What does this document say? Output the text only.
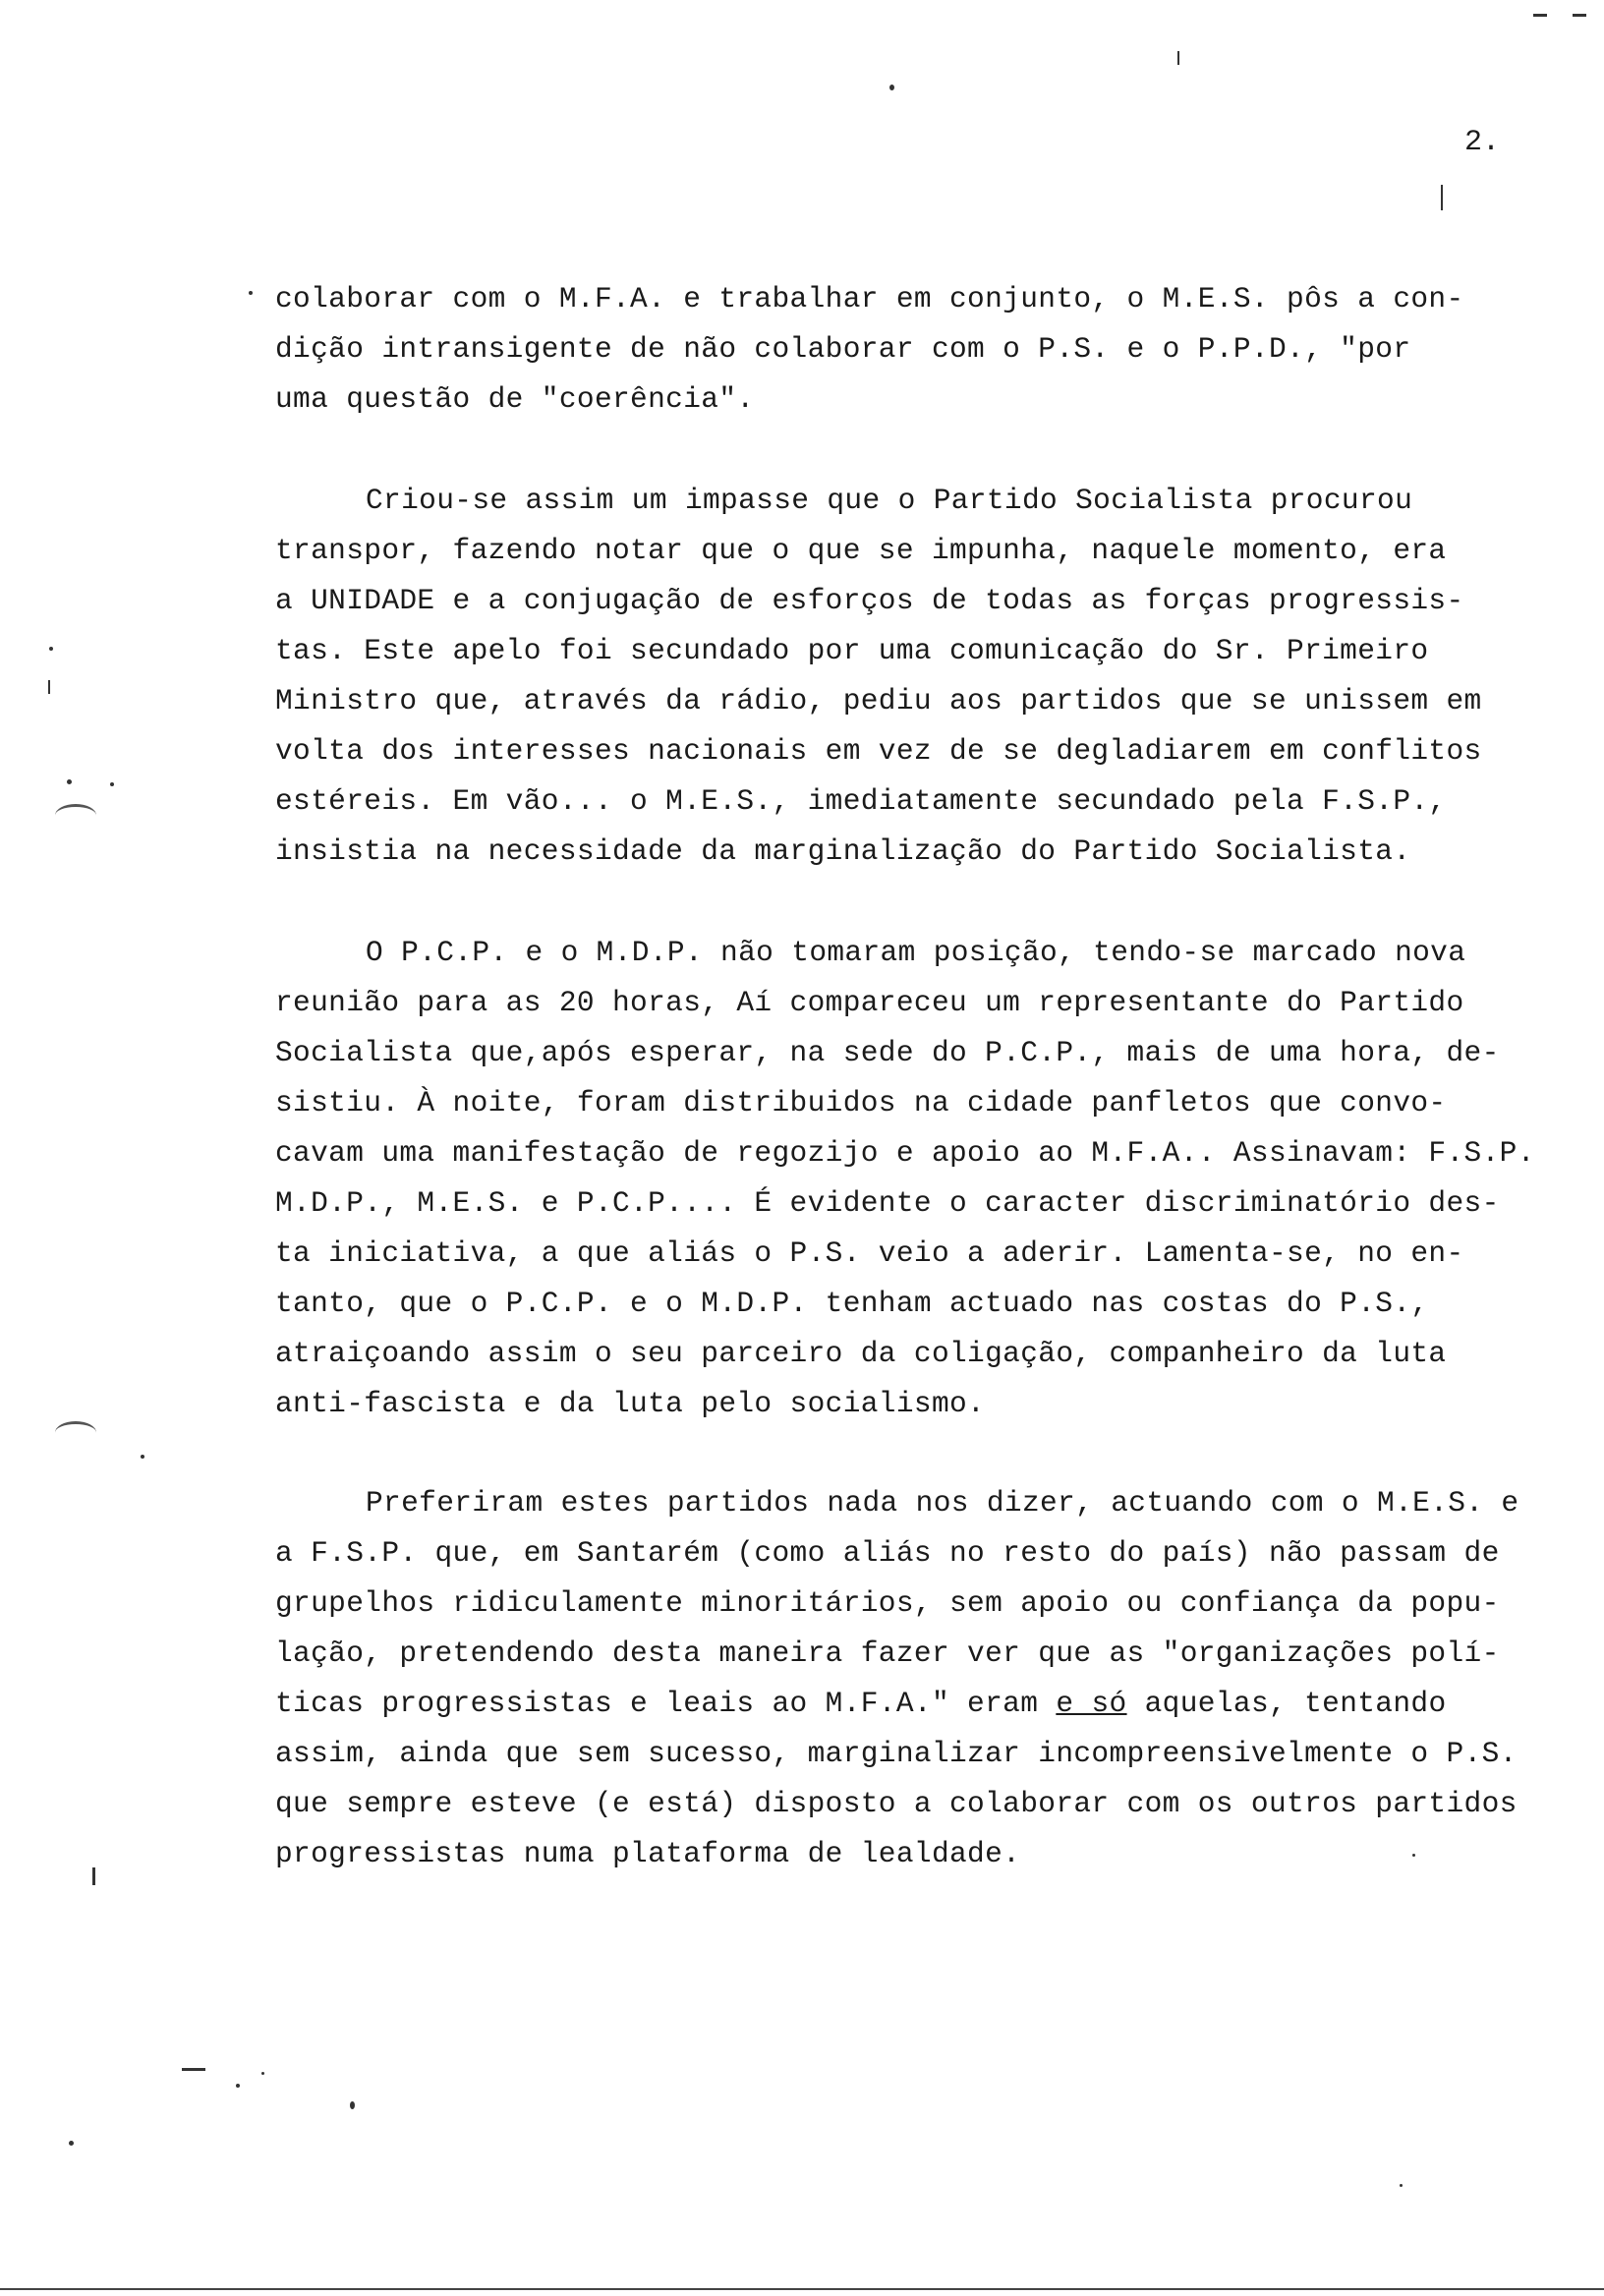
2.
colaborar com o M.F.A. e trabalhar em conjunto, o M.E.S. pôs a con-
dição intransigente de não colaborar com o P.S. e o P.P.D., "por
uma questão de "coerência".
Criou-se assim um impasse que o Partido Socialista procurou
transpor, fazendo notar que o que se impunha, naquele momento, era
a UNIDADE e a conjugação de esforços de todas as forças progressis-
tas. Este apelo foi secundado por uma comunicação do Sr. Primeiro
Ministro que, através da rádio, pediu aos partidos que se unissem em
volta dos interesses nacionais em vez de se degladiarem em conflitos
estéreis. Em vão... o M.E.S., imediatamente secundado pela F.S.P.,
insistia na necessidade da marginalização do Partido Socialista.
O P.C.P. e o M.D.P. não tomaram posição, tendo-se marcado nova
reunião para as 20 horas, Aí compareceu um representante do Partido
Socialista que,após esperar, na sede do P.C.P., mais de uma hora, de-
sistiu. À noite, foram distribuidos na cidade panfletos que convo-
cavam uma manifestação de regozijo e apoio ao M.F.A.. Assinavam: F.S.P.
M.D.P., M.E.S. e P.C.P.... É evidente o caracter discriminatório des-
ta iniciativa, a que aliás o P.S. veio a aderir. Lamenta-se, no en-
tanto, que o P.C.P. e o M.D.P. tenham actuado nas costas do P.S.,
atraiçoando assim o seu parceiro da coligação, companheiro da luta
anti-fascista e da luta pelo socialismo.
Preferiram estes partidos nada nos dizer, actuando com o M.E.S. e
a F.S.P. que, em Santarém (como aliás no resto do país) não passam de
grupelhos ridiculamente minoritários, sem apoio ou confiança da popu-
lação, pretendendo desta maneira fazer ver que as "organizações polí-
ticas progressistas e leais ao M.F.A." eram e só aquelas, tentando
assim, ainda que sem sucesso, marginalizar incompreensivelmente o P.S.
que sempre esteve (e está) disposto a colaborar com os outros partidos
progressistas numa plataforma de lealdade.
